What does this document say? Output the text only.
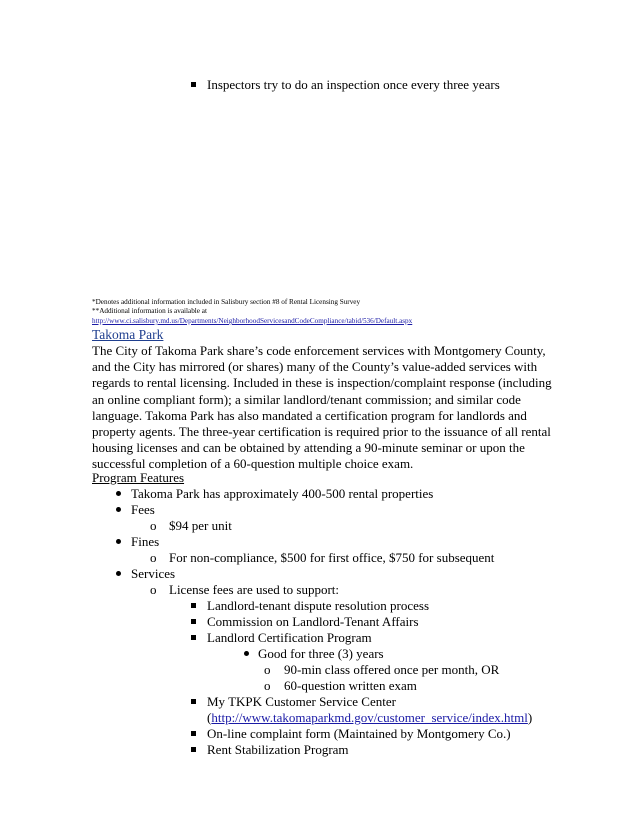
Inspectors try to do an inspection once every three years
*Denotes additional information included in Salisbury section #8 of Rental Licensing Survey
**Additional information is available at
http://www.ci.salisbury.md.us/Departments/NeighborhoodServicesandCodeCompliance/tabid/536/Default.aspx
Takoma Park
The City of Takoma Park share’s code enforcement services with Montgomery County,
and the City has mirrored (or shares) many of the County’s value-added services with
regards to rental licensing. Included in these is inspection/complaint response (including
an online compliant form); a similar landlord/tenant commission; and similar code
language. Takoma Park has also mandated a certification program for landlords and
property agents. The three-year certification is required prior to the issuance of all rental
housing licenses and can be obtained by attending a 90-minute seminar or upon the
successful completion of a 60-question multiple choice exam.
Program Features
Takoma Park has approximately 400-500 rental properties
Fees
o $94 per unit
Fines
o For non-compliance, $500 for first office, $750 for subsequent
Services
o License fees are used to support:
Landlord-tenant dispute resolution process
Commission on Landlord-Tenant Affairs
Landlord Certification Program
Good for three (3) years
o 90-min class offered once per month, OR
o 60-question written exam
My TKPK Customer Service Center
(http://www.takomaparkmd.gov/customer_service/index.html)
On-line complaint form (Maintained by Montgomery Co.)
Rent Stabilization Program
